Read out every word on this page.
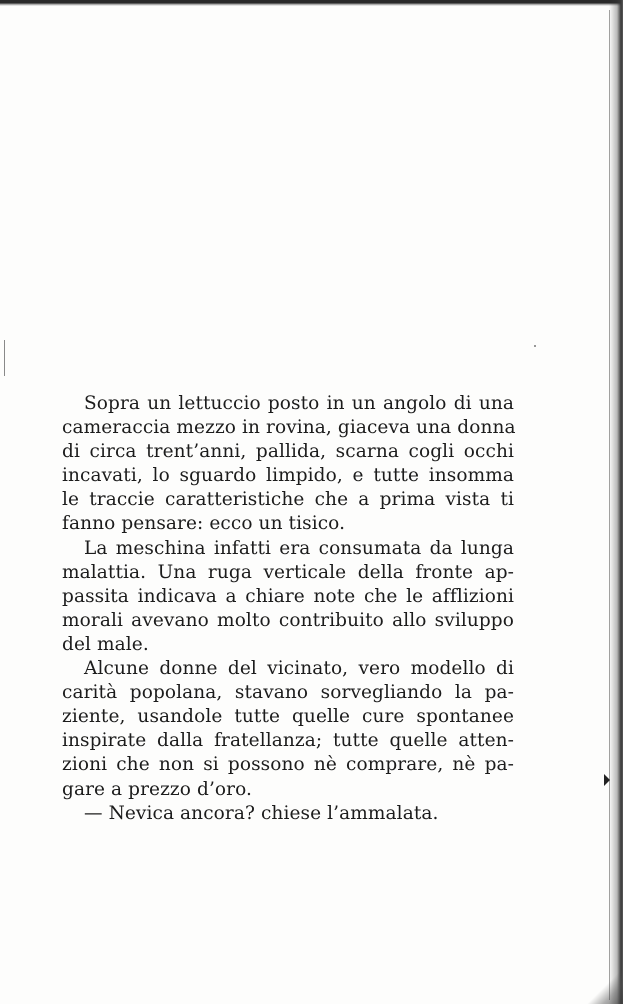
Sopra un lettuccio posto in un angolo di una
cameraccia mezzo in rovina, giaceva una donna
di circa trent’anni, pallida, scarna cogli occhi
incavati, lo sguardo limpido, e tutte insomma
le traccie caratteristiche che a prima vista ti
fanno pensare: ecco un tisico.

La meschina infatti era consumata da lunga
malattia. Una ruga verticale della fronte ap-
passita indicava a chiare note che le afflizioni
morali avevano molto contribuito allo sviluppo
del male.

Alcune donne del vicinato, vero modello di
carità popolana, stavano sorvegliando la pa-
ziente, usandole tutte quelle cure spontanee
inspirate dalla fratellanza; tutte quelle atten-
zioni che non si possono nè comprare, nè pa-
gare a prezzo d’oro.

— Nevica ancora? chiese l’ammalata.
